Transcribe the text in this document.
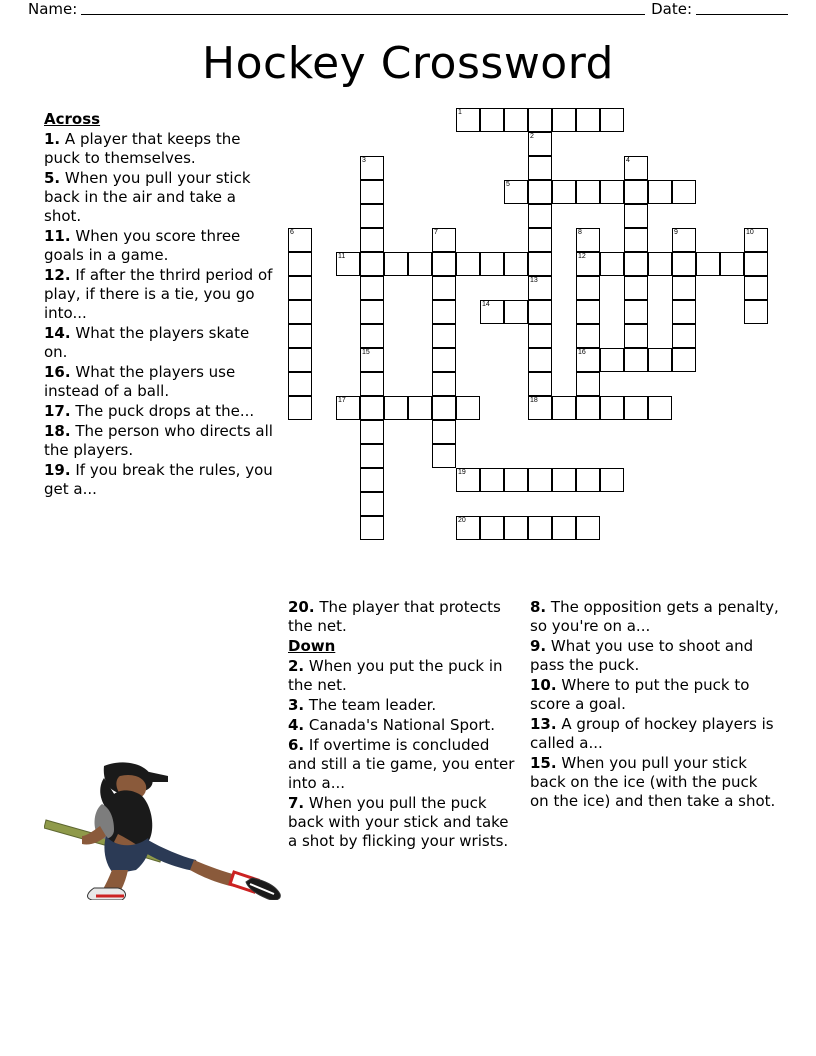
Name:	Date:
Hockey Crossword
Across

1. A player that keeps the puck to themselves.

5. When you pull your stick back in the air and take a shot.

11. When you score three goals in a game.

12. If after the thrird period of play, if there is a tie, you go into...

14. What the players skate on.

16. What the players use instead of a ball.

17. The puck drops at the...

18. The person who directs all the players.

19. If you break the rules, you get a...

20. The player that protects the net.

Down

2. When you put the puck in the net.

3. The team leader.

4. Canada's National Sport.

6. If overtime is concluded and still a tie game, you enter into a...

7. When you pull the puck back with your stick and take a shot by flicking your wrists.

8. The opposition gets a penalty, so you're on a...

9. What you use to shoot and pass the puck.

10. Where to put the puck to score a goal.

13. A group of hockey players is called a...

15. When you pull your stick back on the ice (with the puck on the ice) and then take a shot.

1
2
3	4
5
6	7	8	9	10
11	12
13
14
15	16
17	18
19
20
